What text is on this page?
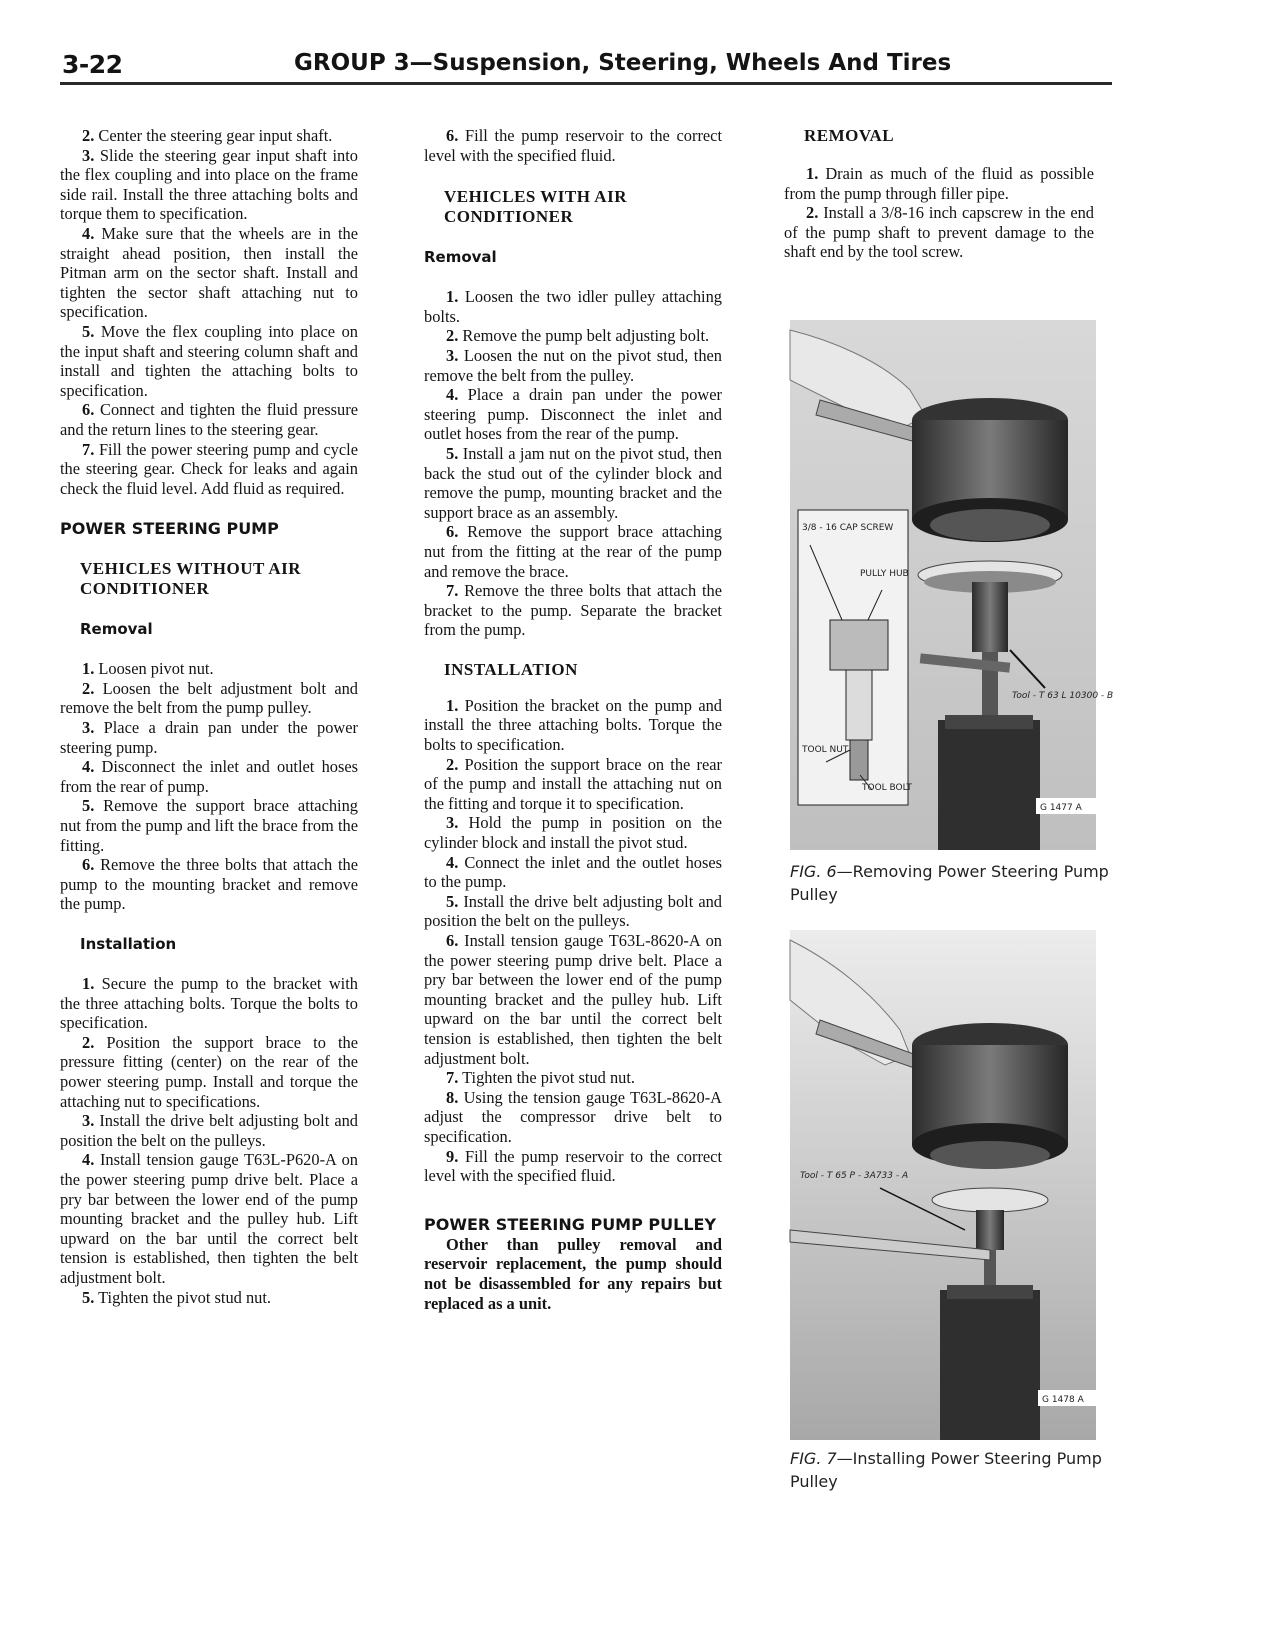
3-22	GROUP 3—Suspension, Steering, Wheels And Tires

2. Center the steering gear input shaft.

3. Slide the steering gear input shaft into the flex coupling and into place on the frame side rail. Install the three attaching bolts and torque them to specification.

4. Make sure that the wheels are in the straight ahead position, then install the Pitman arm on the sector shaft. Install and tighten the sector shaft attaching nut to specification.

5. Move the flex coupling into place on the input shaft and steering column shaft and install and tighten the attaching bolts to specification.

6. Connect and tighten the fluid pressure and the return lines to the steering gear.

7. Fill the power steering pump and cycle the steering gear. Check for leaks and again check the fluid level. Add fluid as required.

POWER STEERING PUMP
VEHICLES WITHOUT AIR CONDITIONER
Removal

1. Loosen pivot nut.

2. Loosen the belt adjustment bolt and remove the belt from the pump pulley.

3. Place a drain pan under the power steering pump.

4. Disconnect the inlet and outlet hoses from the rear of pump.

5. Remove the support brace attaching nut from the pump and lift the brace from the fitting.

6. Remove the three bolts that attach the pump to the mounting bracket and remove the pump.

Installation

1. Secure the pump to the bracket with the three attaching bolts. Torque the bolts to specification.

2. Position the support brace to the pressure fitting (center) on the rear of the power steering pump. Install and torque the attaching nut to specifications.

3. Install the drive belt adjusting bolt and position the belt on the pulleys.

4. Install tension gauge T63L-P620-A on the power steering pump drive belt. Place a pry bar between the lower end of the pump mounting bracket and the pulley hub. Lift upward on the bar until the correct belt tension is established, then tighten the belt adjustment bolt.

5. Tighten the pivot stud nut.

6. Fill the pump reservoir to the correct level with the specified fluid.

VEHICLES WITH AIR CONDITIONER
Removal

1. Loosen the two idler pulley attaching bolts.

2. Remove the pump belt adjusting bolt.

3. Loosen the nut on the pivot stud, then remove the belt from the pulley.

4. Place a drain pan under the power steering pump. Disconnect the inlet and outlet hoses from the rear of the pump.

5. Install a jam nut on the pivot stud, then back the stud out of the cylinder block and remove the pump, mounting bracket and the support brace as an assembly.

6. Remove the support brace attaching nut from the fitting at the rear of the pump and remove the brace.

7. Remove the three bolts that attach the bracket to the pump. Separate the bracket from the pump.

INSTALLATION

1. Position the bracket on the pump and install the three attaching bolts. Torque the bolts to specification.

2. Position the support brace on the rear of the pump and install the attaching nut on the fitting and torque it to specification.

3. Hold the pump in position on the cylinder block and install the pivot stud.

4. Connect the inlet and the outlet hoses to the pump.

5. Install the drive belt adjusting bolt and position the belt on the pulleys.

6. Install tension gauge T63L-8620-A on the power steering pump drive belt. Place a pry bar between the lower end of the pump mounting bracket and the pulley hub. Lift upward on the bar until the correct belt tension is established, then tighten the belt adjustment bolt.

7. Tighten the pivot stud nut.

8. Using the tension gauge T63L-8620-A adjust the compressor drive belt to specification.

9. Fill the pump reservoir to the correct level with the specified fluid.

POWER STEERING PUMP PULLEY

Other than pulley removal and reservoir replacement, the pump should not be disassembled for any repairs but replaced as a unit.

REMOVAL

1. Drain as much of the fluid as possible from the pump through filler pipe.

2. Install a 3/8-16 inch capscrew in the end of the pump shaft to prevent damage to the shaft end by the tool screw.

3/8 - 16 CAP SCREW
PULLY HUB
TOOL NUT
TOOL BOLT
Tool - T 63 L 10300 - B
G 1477 A
FIG. 6—Removing Power Steering Pump Pulley
Tool - T 65 P - 3A733 - A
G 1478 A
FIG. 7—Installing Power Steering Pump Pulley
